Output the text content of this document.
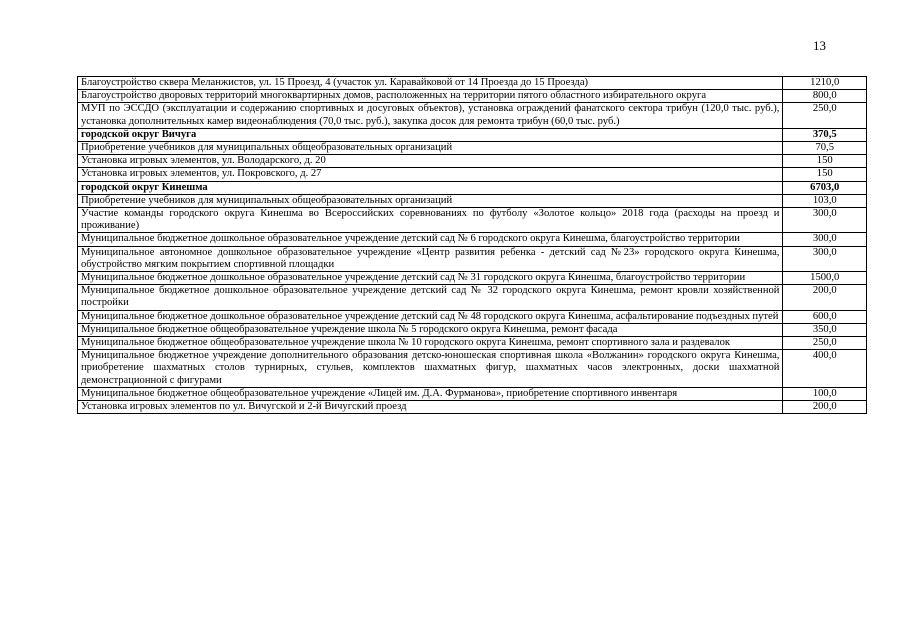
13
Благоустройство сквера Меланжистов, ул. 15 Проезд, 4 (участок ул. Каравайковой от 14 Проезда до 15 Проезда)	1210,0
Благоустройство дворовых территорий многоквартирных домов, расположенных на территории пятого областного избирательного округа	800,0
МУП по ЭССДО (эксплуатации и содержанию спортивных и досуговых объектов), установка ограждений фанатского сектора трибун (120,0 тыс. руб.), установка дополнительных камер видеонаблюдения (70,0 тыс. руб.), закупка досок для ремонта трибун (60,0 тыс. руб.)	250,0
городской округ Вичуга	370,5
Приобретение учебников для муниципальных общеобразовательных организаций	70,5
Установка игровых элементов, ул. Володарского, д. 20	150
Установка игровых элементов, ул. Покровского, д. 27	150
городской округ Кинешма	6703,0
Приобретение учебников для муниципальных общеобразовательных организаций	103,0
Участие команды городского округа Кинешма во Всероссийских соревнованиях по футболу «Золотое кольцо» 2018 года (расходы на проезд и проживание)	300,0
Муниципальное бюджетное дошкольное образовательное учреждение детский сад № 6 городского округа Кинешма, благоустройство территории	300,0
Муниципальное автономное дошкольное образовательное учреждение «Центр развития ребенка - детский сад №23» городского округа Кинешма, обустройство мягким покрытием спортивной площадки	300,0
Муниципальное бюджетное дошкольное образовательное учреждение детский сад № 31 городского округа Кинешма, благоустройство территории	1500,0
Муниципальное бюджетное дошкольное образовательное учреждение детский сад № 32 городского округа Кинешма, ремонт кровли хозяйственной постройки	200,0
Муниципальное бюджетное дошкольное образовательное учреждение детский сад № 48 городского округа Кинешма, асфальтирование подъездных путей	600,0
Муниципальное бюджетное общеобразовательное учреждение школа № 5 городского округа Кинешма, ремонт фасада	350,0
Муниципальное бюджетное общеобразовательное учреждение школа № 10 городского округа Кинешма, ремонт спортивного зала и раздевалок	250,0
Муниципальное бюджетное учреждение дополнительного образования детско-юношеская спортивная школа «Волжанин» городского округа Кинешма, приобретение шахматных столов турнирных, стульев, комплектов шахматных фигур, шахматных часов электронных, доски шахматной демонстрационной с фигурами	400,0
Муниципальное бюджетное общеобразовательное учреждение «Лицей им. Д.А. Фурманова», приобретение спортивного инвентаря	100,0
Установка игровых элементов по ул. Вичугской и 2-й Вичугский проезд	200,0
